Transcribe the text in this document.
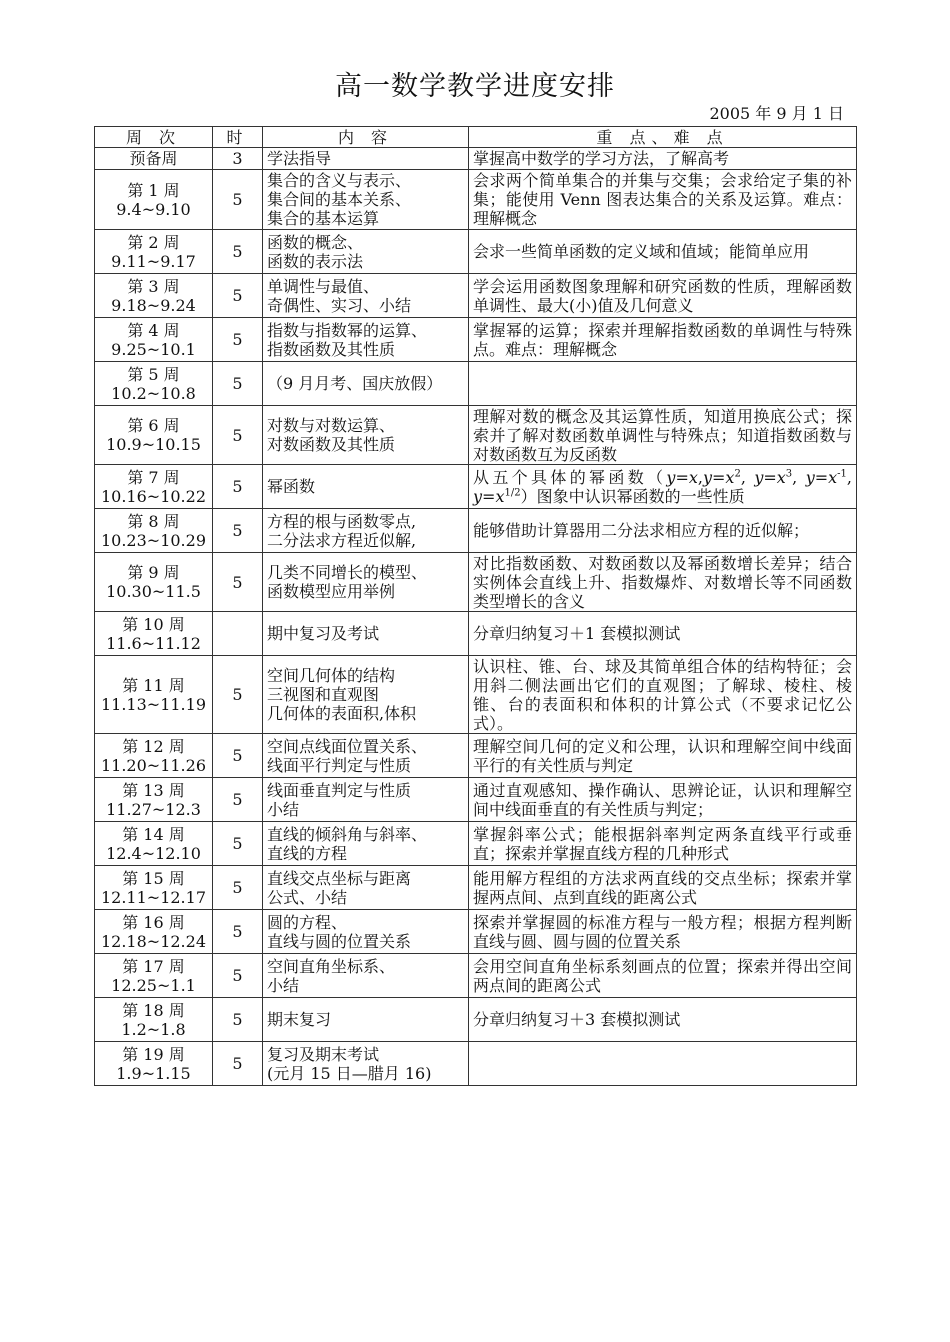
高一数学教学进度安排
2005 年 9 月 1 日
周 次	时	内 容	重 点、难 点

预备周	3	学法指导	掌握高中数学的学习方法，了解高考

第 1 周
9.4~9.10	5	集合的含义与表示、
集合间的基本关系、
集合的基本运算	会求两个简单集合的并集与交集；会求给定子集的补集；能使用 Venn 图表达集合的关系及运算。难点：理解概念

第 2 周
9.11~9.17	5	函数的概念、
函数的表示法	会求一些简单函数的定义域和值域；能简单应用

第 3 周
9.18~9.24	5	单调性与最值、
奇偶性、实习、小结	学会运用函数图象理解和研究函数的性质，理解函数单调性、最大(小)值及几何意义

第 4 周
9.25~10.1	5	指数与指数幂的运算、
指数函数及其性质	掌握幂的运算；探索并理解指数函数的单调性与特殊点。难点：理解概念

第 5 周
10.2~10.8	5	（9 月月考、国庆放假）	

第 6 周
10.9~10.15	5	对数与对数运算、
对数函数及其性质	理解对数的概念及其运算性质，知道用换底公式；探索并了解对数函数单调性与特殊点；知道指数函数与对数函数互为反函数

第 7 周
10.16~10.22	5	幂函数	从五个具体的幂函数（$y=x,y=x^2$, $y=x^3$, $y=x^{-1}$, $y=x^{1/2}$）图象中认识幂函数的一些性质

第 8 周
10.23~10.29	5	方程的根与函数零点,
二分法求方程近似解,	能够借助计算器用二分法求相应方程的近似解；

第 9 周
10.30~11.5	5	几类不同增长的模型、
函数模型应用举例	对比指数函数、对数函数以及幂函数增长差异；结合实例体会直线上升、指数爆炸、对数增长等不同函数类型增长的含义

第 10 周
11.6~11.12		期中复习及考试	分章归纳复习＋1 套模拟测试

第 11 周
11.13~11.19	5	空间几何体的结构
三视图和直观图
几何体的表面积,体积	认识柱、锥、台、球及其简单组合体的结构特征；会用斜二侧法画出它们的直观图；了解球、棱柱、棱锥、台的表面积和体积的计算公式（不要求记忆公式）。

第 12 周
11.20~11.26	5	空间点线面位置关系、
线面平行判定与性质	理解空间几何的定义和公理，认识和理解空间中线面平行的有关性质与判定

第 13 周
11.27~12.3	5	线面垂直判定与性质
小结	通过直观感知、操作确认、思辨论证，认识和理解空间中线面垂直的有关性质与判定；

第 14 周
12.4~12.10	5	直线的倾斜角与斜率、
直线的方程	掌握斜率公式；能根据斜率判定两条直线平行或垂直；探索并掌握直线方程的几种形式

第 15 周
12.11~12.17	5	直线交点坐标与距离
公式、小结	能用解方程组的方法求两直线的交点坐标；探索并掌握两点间、点到直线的距离公式

第 16 周
12.18~12.24	5	圆的方程、
直线与圆的位置关系	探索并掌握圆的标准方程与一般方程；根据方程判断直线与圆、圆与圆的位置关系

第 17 周
12.25~1.1	5	空间直角坐标系、
小结	会用空间直角坐标系刻画点的位置；探索并得出空间两点间的距离公式

第 18 周
1.2~1.8	5	期末复习	分章归纳复习＋3 套模拟测试

第 19 周
1.9~1.15	5	复习及期末考试
(元月 15 日—腊月 16)	
